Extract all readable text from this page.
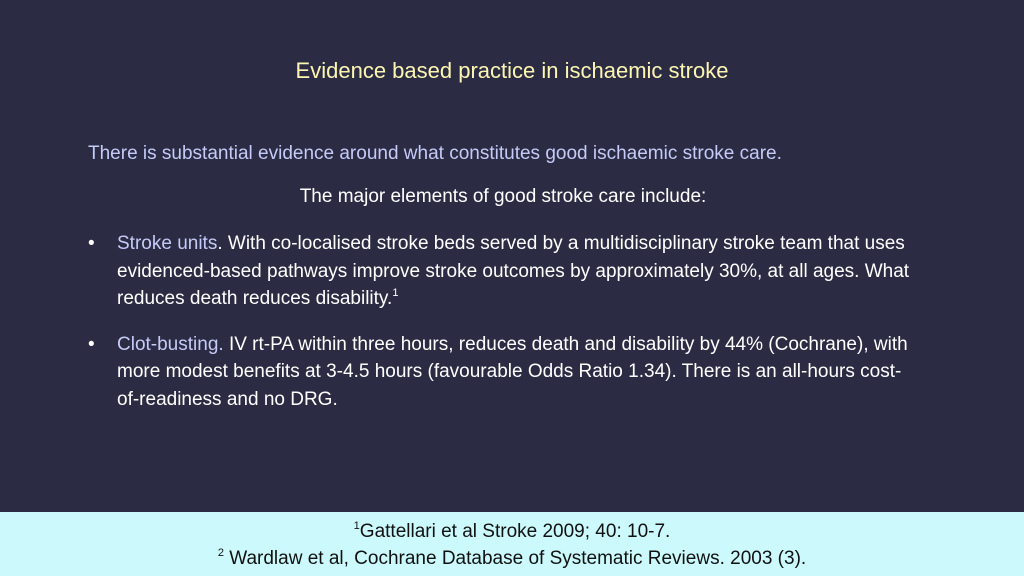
Evidence based practice in ischaemic stroke
There is substantial evidence around what constitutes good ischaemic stroke care.
The major elements of good stroke care include:
• Stroke units. With co-localised stroke beds served by a multidisciplinary stroke team that uses evidenced-based pathways improve stroke outcomes by approximately 30%, at all ages. What reduces death reduces disability.$^1$
• Clot-busting. IV rt-PA within three hours, reduces death and disability by 44% (Cochrane), with more modest benefits at 3-4.5 hours (favourable Odds Ratio 1.34). There is an all-hours cost-of-readiness and no DRG.
$^1$Gattellari et al Stroke 2009; 40: 10-7.
$^2$ Wardlaw et al, Cochrane Database of Systematic Reviews. 2003 (3).
